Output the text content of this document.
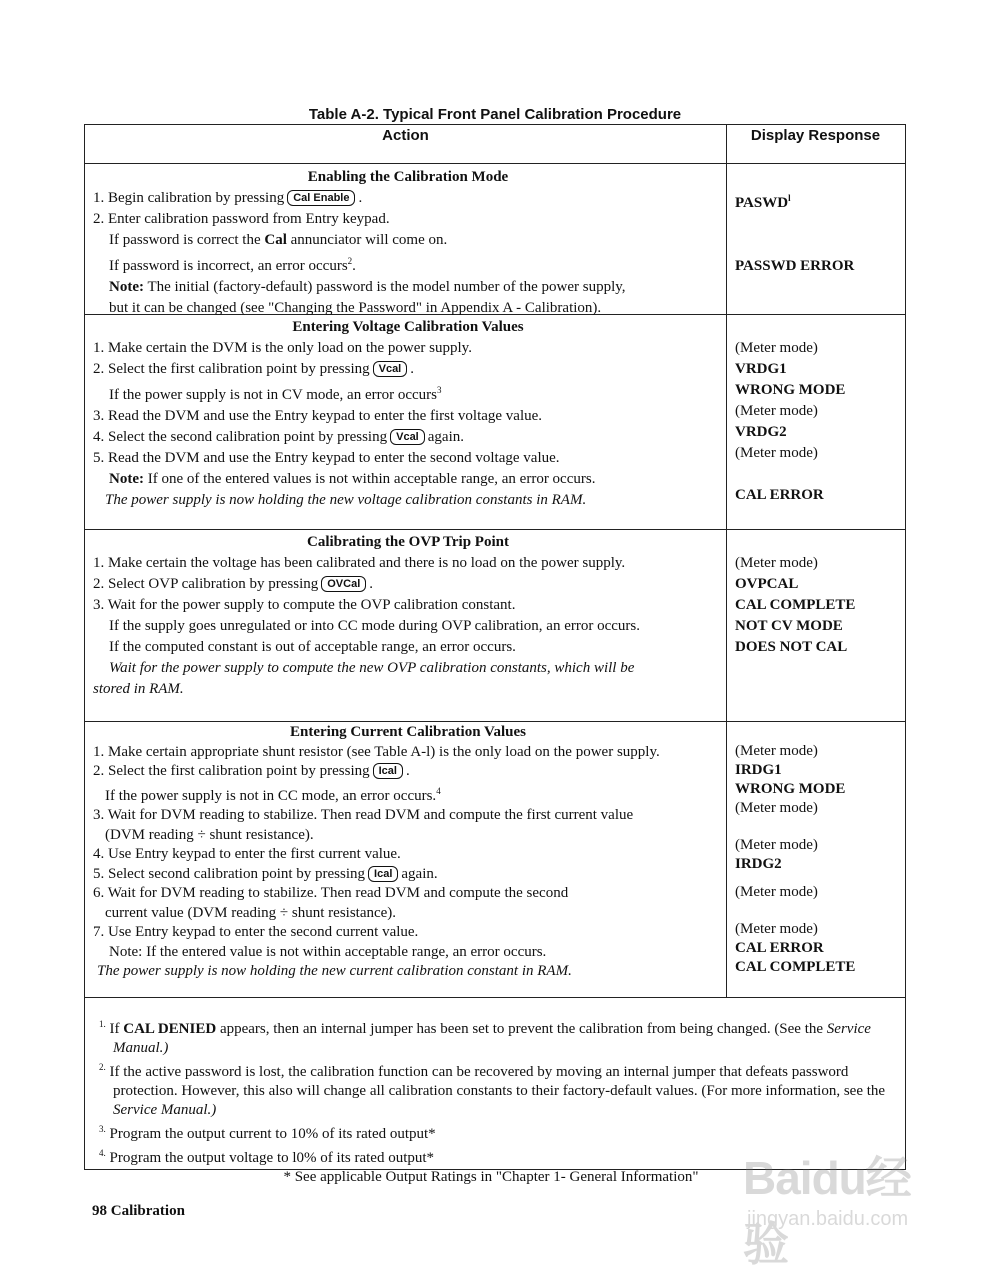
Table A-2. Typical Front Panel Calibration Procedure
Action	Display Response
Enabling the Calibration Mode
1. Begin calibration by pressing Cal Enable .
2. Enter calibration password from Entry keypad.
If password is correct the Cal annunciator will come on.
If password is incorrect, an error occurs$^2$.
Note: The initial (factory-default) password is the model number of the power supply,
but it can be changed (see "Changing the Password" in Appendix A - Calibration).
PASWD$^l$
PASSWD ERROR
Entering Voltage Calibration Values
1. Make certain the DVM is the only load on the power supply.
2. Select the first calibration point by pressing Vcal .
If the power supply is not in CV mode, an error occurs$^3$
3. Read the DVM and use the Entry keypad to enter the first voltage value.
4. Select the second calibration point by pressing Vcal again.
5. Read the DVM and use the Entry keypad to enter the second voltage value.
Note: If one of the entered values is not within acceptable range, an error occurs.
The power supply is now holding the new voltage calibration constants in RAM.
(Meter mode)
VRDG1
WRONG MODE
(Meter mode)
VRDG2
(Meter mode)
CAL ERROR
Calibrating the OVP Trip Point
1. Make certain the voltage has been calibrated and there is no load on the power supply.
2. Select OVP calibration by pressing OVCal .
3. Wait for the power supply to compute the OVP calibration constant.
If the supply goes unregulated or into CC mode during OVP calibration, an error occurs.
If the computed constant is out of acceptable range, an error occurs.
Wait for the power supply to compute the new OVP calibration constants, which will be
stored in RAM.
(Meter mode)
OVPCAL
CAL COMPLETE
NOT CV MODE
DOES NOT CAL
Entering Current Calibration Values
1. Make certain appropriate shunt resistor (see Table A-l) is the only load on the power supply.
2. Select the first calibration point by pressing Ical .
If the power supply is not in CC mode, an error occurs.$^4$
3. Wait for DVM reading to stabilize. Then read DVM and compute the first current value
(DVM reading ÷ shunt resistance).
4. Use Entry keypad to enter the first current value.
5. Select second calibration point by pressing Ical again.
6. Wait for DVM reading to stabilize. Then read DVM and compute the second
current value (DVM reading ÷ shunt resistance).
7. Use Entry keypad to enter the second current value.
Note: If the entered value is not within acceptable range, an error occurs.
The power supply is now holding the new current calibration constant in RAM.
(Meter mode)
IRDG1
WRONG MODE
(Meter mode)
(Meter mode)
IRDG2
(Meter mode)
(Meter mode)
CAL ERROR
CAL COMPLETE
$^{1.}$ If CAL DENIED appears, then an internal jumper has been set to prevent the calibration from being changed. (See the Service Manual.)
$^{2.}$ If the active password is lost, the calibration function can be recovered by moving an internal jumper that defeats password protection. However, this also will change all calibration constants to their factory-default values. (For more information, see the Service Manual.)
$^{3.}$ Program the output current to 10% of its rated output*
$^{4.}$ Program the output voltage to l0% of its rated output*
* See applicable Output Ratings in "Chapter 1- General Information"
98 Calibration
Baidu经验
jingyan.baidu.com
